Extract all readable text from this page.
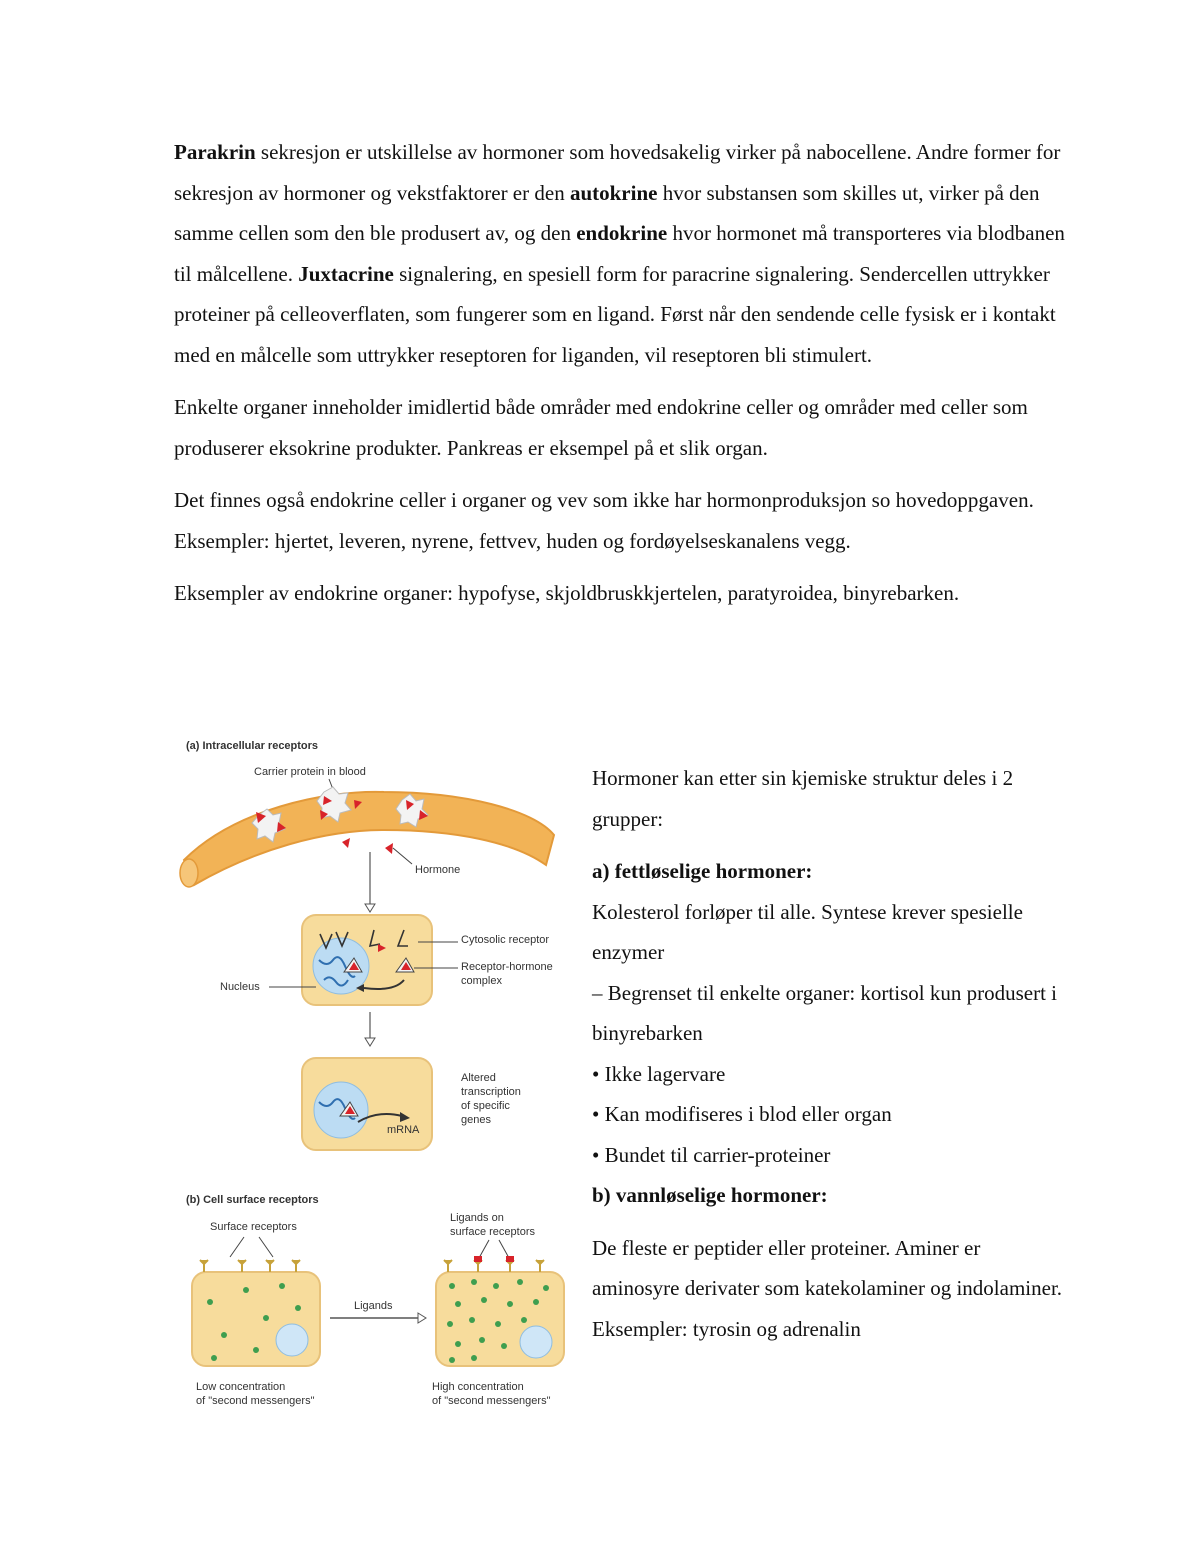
Parakrin sekresjon er utskillelse av hormoner som hovedsakelig virker på nabocellene. Andre former for sekresjon av hormoner og vekstfaktorer er den autokrine hvor substansen som skilles ut, virker på den samme cellen som den ble produsert av, og den endokrine hvor hormonet må transporteres via blodbanen til målcellene. Juxtacrine signalering, en spesiell form for paracrine signalering. Sendercellen uttrykker proteiner på celleoverflaten, som fungerer som en ligand. Først når den sendende celle fysisk er i kontakt med en målcelle som uttrykker reseptoren for liganden, vil reseptoren bli stimulert.

Enkelte organer inneholder imidlertid både områder med endokrine celler og områder med celler som produserer eksokrine produkter. Pankreas er eksempel på et slik organ.

Det finnes også endokrine celler i organer og vev som ikke har hormonproduksjon so hovedoppgaven. Eksempler: hjertet, leveren, nyrene, fettvev, huden og fordøyelseskanalens vegg.

Eksempler av endokrine organer: hypofyse, skjoldbruskkjertelen, paratyroidea, binyrebarken.

(a) Intracellular receptors
Carrier protein in blood
Hormone
Cytosolic receptor
Receptor-hormone
complex
Nucleus
mRNA
Altered
transcription
of specific
genes
(b) Cell surface receptors
Surface receptors
Ligands on
surface receptors
Low concentration
of "second messengers"
Ligands
High concentration
of "second messengers"

Hormoner kan etter sin kjemiske struktur deles i 2 grupper:

a) fettløselige hormoner:

Kolesterol forløper til alle. Syntese krever spesielle enzymer

– Begrenset til enkelte organer: kortisol kun produsert i binyrebarken

• Ikke lagervare

• Kan modifiseres i blod eller organ

• Bundet til carrier-proteiner

b) vannløselige hormoner:

De fleste er peptider eller proteiner. Aminer er aminosyre derivater som katekolaminer og indolaminer. Eksempler: tyrosin og adrenalin
